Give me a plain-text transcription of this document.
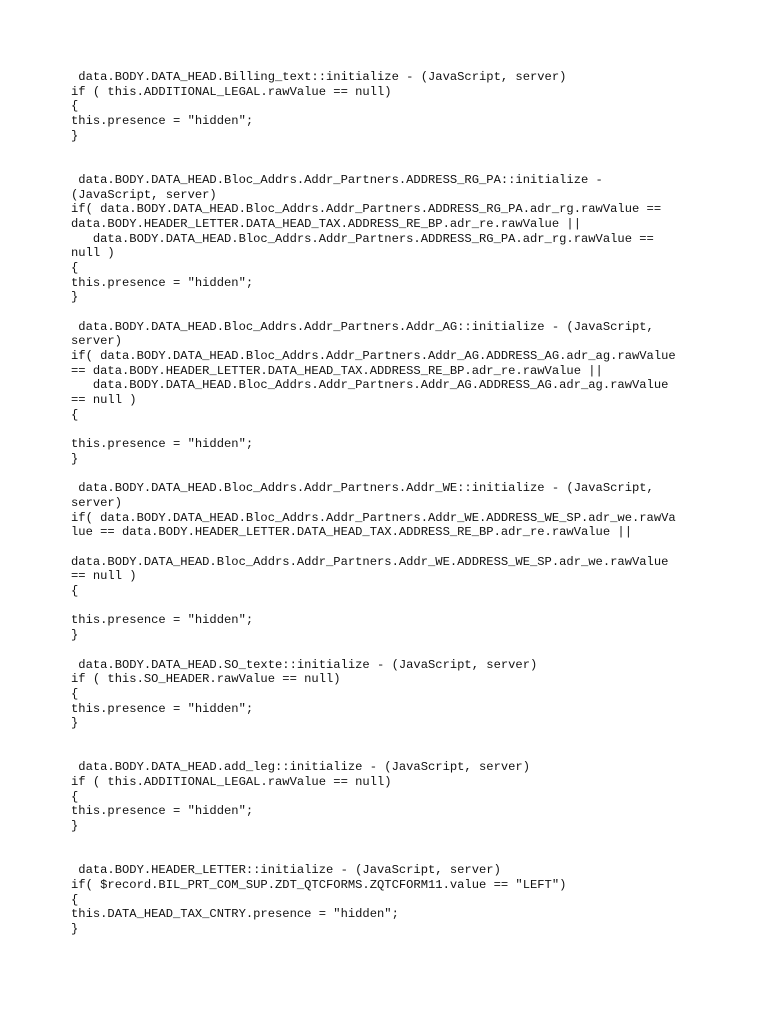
data.BODY.DATA_HEAD.Billing_text::initialize - (JavaScript, server)
if ( this.ADDITIONAL_LEGAL.rawValue == null)
{
this.presence = "hidden";
}
data.BODY.DATA_HEAD.Bloc_Addrs.Addr_Partners.ADDRESS_RG_PA::initialize -
(JavaScript, server)
if( data.BODY.DATA_HEAD.Bloc_Addrs.Addr_Partners.ADDRESS_RG_PA.adr_rg.rawValue ==
data.BODY.HEADER_LETTER.DATA_HEAD_TAX.ADDRESS_RE_BP.adr_re.rawValue ||
data.BODY.DATA_HEAD.Bloc_Addrs.Addr_Partners.ADDRESS_RG_PA.adr_rg.rawValue ==
null )
{
this.presence = "hidden";
}
data.BODY.DATA_HEAD.Bloc_Addrs.Addr_Partners.Addr_AG::initialize - (JavaScript,
server)
if( data.BODY.DATA_HEAD.Bloc_Addrs.Addr_Partners.Addr_AG.ADDRESS_AG.adr_ag.rawValue
== data.BODY.HEADER_LETTER.DATA_HEAD_TAX.ADDRESS_RE_BP.adr_re.rawValue ||
data.BODY.DATA_HEAD.Bloc_Addrs.Addr_Partners.Addr_AG.ADDRESS_AG.adr_ag.rawValue
== null )
{
this.presence = "hidden";
}
data.BODY.DATA_HEAD.Bloc_Addrs.Addr_Partners.Addr_WE::initialize - (JavaScript,
server)
if( data.BODY.DATA_HEAD.Bloc_Addrs.Addr_Partners.Addr_WE.ADDRESS_WE_SP.adr_we.rawVa
lue == data.BODY.HEADER_LETTER.DATA_HEAD_TAX.ADDRESS_RE_BP.adr_re.rawValue ||
data.BODY.DATA_HEAD.Bloc_Addrs.Addr_Partners.Addr_WE.ADDRESS_WE_SP.adr_we.rawValue
== null )
{
this.presence = "hidden";
}
data.BODY.DATA_HEAD.SO_texte::initialize - (JavaScript, server)
if ( this.SO_HEADER.rawValue == null)
{
this.presence = "hidden";
}
data.BODY.DATA_HEAD.add_leg::initialize - (JavaScript, server)
if ( this.ADDITIONAL_LEGAL.rawValue == null)
{
this.presence = "hidden";
}
data.BODY.HEADER_LETTER::initialize - (JavaScript, server)
if( $record.BIL_PRT_COM_SUP.ZDT_QTCFORMS.ZQTCFORM11.value == "LEFT")
{
this.DATA_HEAD_TAX_CNTRY.presence = "hidden";
}
